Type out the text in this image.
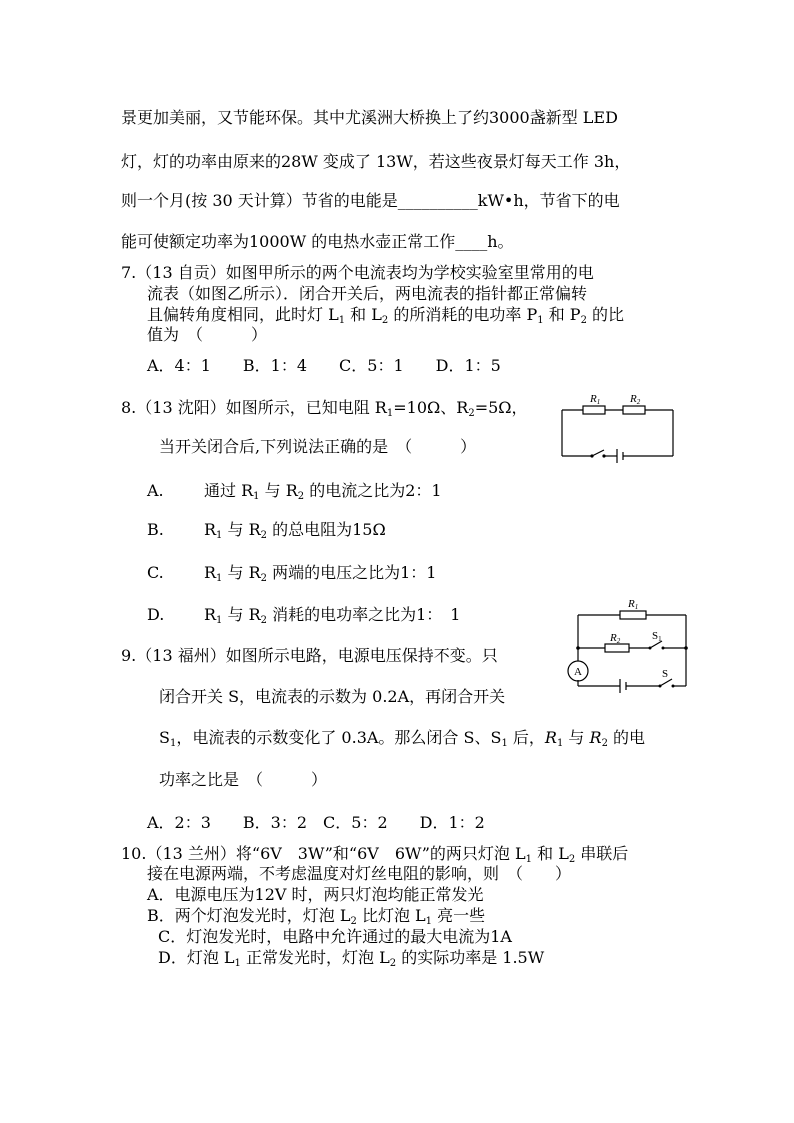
景更加美丽，又节能环保。其中尤溪洲大桥换上了约3000盏新型 LED
灯，灯的功率由原来的28W 变成了 13W，若这些夜景灯每天工作 3h，
则一个月(按 30 天计算）节省的电能是__________kW•h，节省下的电
能可使额定功率为1000W 的电热水壶正常工作____h。
7.（13 自贡）如图甲所示的两个电流表均为学校实验室里常用的电
流表（如图乙所示）．闭合开关后，两电流表的指针都正常偏转
且偏转角度相同，此时灯 $L_1$ 和 $L_2$ 的所消耗的电功率 $P_1$ 和 $P_2$ 的比
值为　（　　　）
A．4：1　　B．1：4　　C．5：1　　D．1：5
8.（13 沈阳）如图所示，已知电阻 $R_1=10\Omega$、$R_2=5\Omega$，
当开关闭合后,下列说法正确的是　（　　　）
A.	通过 $R_1$ 与 $R_2$ 的电流之比为2：1
B.	$R_1$ 与 $R_2$ 的总电阻为15Ω
C.	$R_1$ 与 $R_2$ 两端的电压之比为1：1
D. $R_1$ 与 $R_2$ 消耗的电功率之比为1：　1
R1	R2
9.（13 福州）如图所示电路，电源电压保持不变。只
闭合开关 S，电流表的示数为 0.2A，再闭合开关
$S_1$，电流表的示数变化了 0.3A。那么闭合 S、$S_1$ 后，$R_1$ 与 $R_2$ 的电
功率之比是　（　　　）
A．2：3　　B．3：2　C．5：2　　D．1：2
A
R1
R2	S1
S
10.（13 兰州）将“6V　3W”和“6V　6W”的两只灯泡 $L_1$ 和 $L_2$ 串联后
接在电源两端，不考虑温度对灯丝电阻的影响，则　（　　）
A．电源电压为12V 时，两只灯泡均能正常发光
B．两个灯泡发光时，灯泡 $L_2$ 比灯泡 $L_1$ 亮一些
C．灯泡发光时，电路中允许通过的最大电流为1A
D．灯泡 $L_1$ 正常发光时，灯泡 $L_2$ 的实际功率是 1.5W
